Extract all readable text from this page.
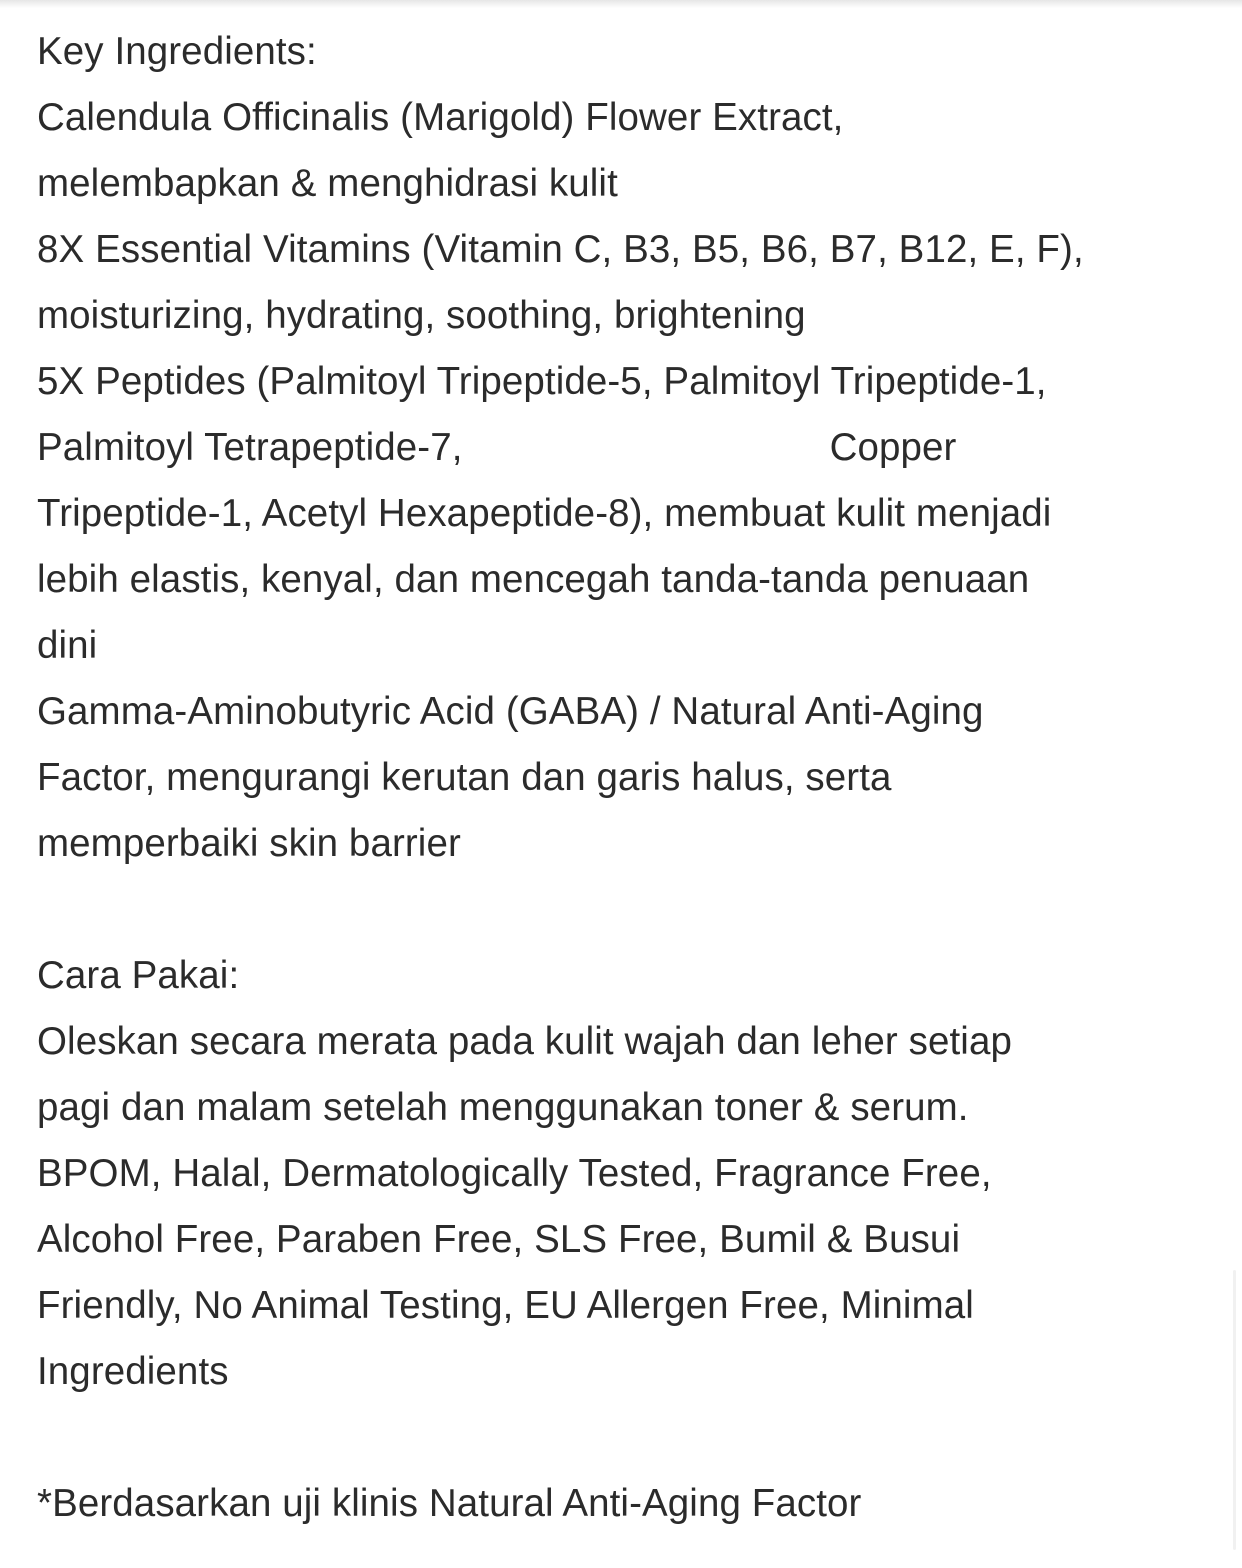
Key Ingredients:
Calendula Officinalis (Marigold) Flower Extract,
melembapkan & menghidrasi kulit
8X Essential Vitamins (Vitamin C, B3, B5, B6, B7, B12, E, F),
moisturizing, hydrating, soothing, brightening
5X Peptides (Palmitoyl Tripeptide-5, Palmitoyl Tripeptide-1,
Palmitoyl Tetrapeptide-7,                                  Copper
Tripeptide-1, Acetyl Hexapeptide-8), membuat kulit menjadi
lebih elastis, kenyal, dan mencegah tanda-tanda penuaan
dini
Gamma-Aminobutyric Acid (GABA) / Natural Anti-Aging
Factor, mengurangi kerutan dan garis halus, serta
memperbaiki skin barrier
Cara Pakai:
Oleskan secara merata pada kulit wajah dan leher setiap
pagi dan malam setelah menggunakan toner & serum.
BPOM, Halal, Dermatologically Tested, Fragrance Free,
Alcohol Free, Paraben Free, SLS Free, Bumil & Busui
Friendly, No Animal Testing, EU Allergen Free, Minimal
Ingredients
*Berdasarkan uji klinis Natural Anti-Aging Factor
